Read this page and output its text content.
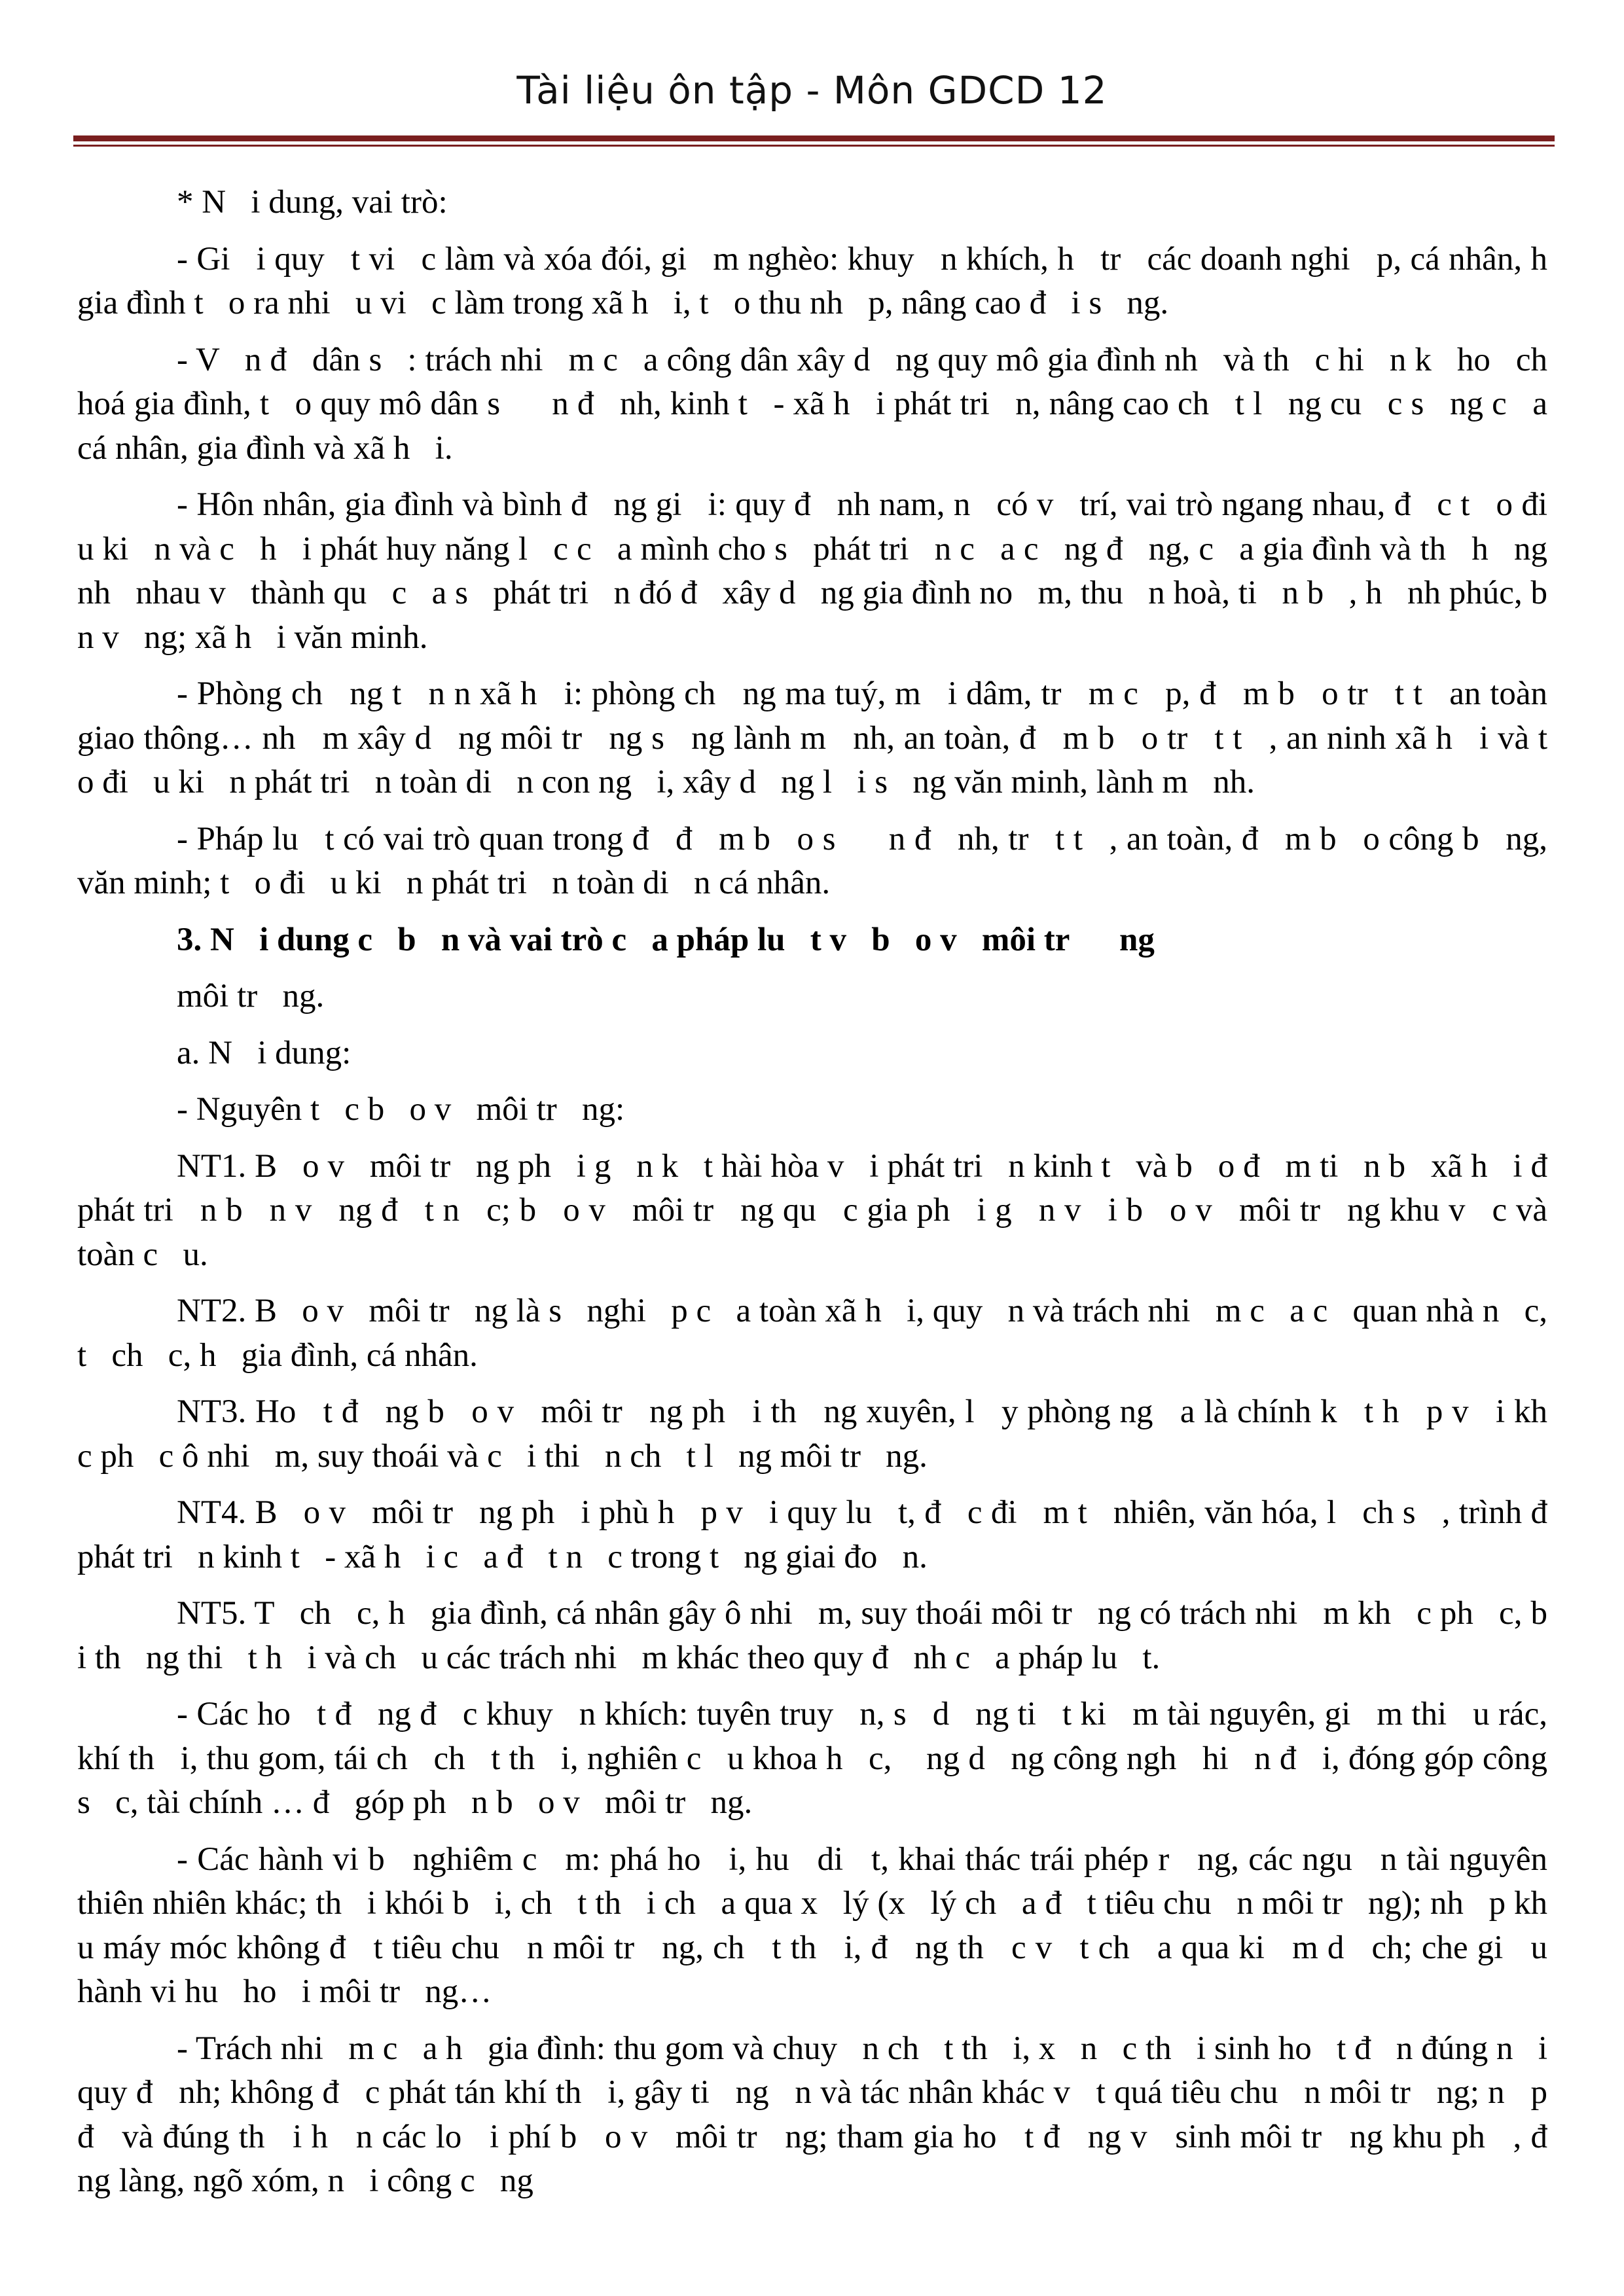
Tài liệu ôn tập - Môn GDCD 12

* N   i dung, vai trò:

- Gi   i quy   t vi   c làm và xóa đói, gi   m nghèo: khuy   n khích, h   tr   các doanh nghi   p, cá nhân, h   gia đình t   o ra nhi   u vi   c làm trong xã h   i, t   o thu nh   p, nâng cao đ   i s   ng.

- V   n đ   dân s   : trách nhi   m c   a công dân xây d   ng quy mô gia đình nh   và th   c hi   n k   ho   ch hoá gia đình, t   o quy mô dân s      n đ   nh, kinh t   - xã h   i phát tri   n, nâng cao ch   t l   ng cu   c s   ng c   a cá nhân, gia đình và xã h   i.

- Hôn nhân, gia đình và bình đ   ng gi   i: quy đ   nh nam, n   có v   trí, vai trò ngang nhau, đ   c t   o đi   u ki   n và c   h   i phát huy năng l   c c   a mình cho s   phát tri   n c   a c   ng đ   ng, c   a gia đình và th   h   ng nh   nhau v   thành qu   c   a s   phát tri   n đó đ   xây d   ng gia đình no   m, thu   n hoà, ti   n b   , h   nh phúc, b   n v   ng; xã h   i văn minh.

- Phòng ch   ng t   n n xã h   i: phòng ch   ng ma tuý, m   i dâm, tr   m c   p, đ   m b   o tr   t t   an toàn giao thông… nh   m xây d   ng môi tr   ng s   ng lành m   nh, an toàn, đ   m b   o tr   t t   , an ninh xã h   i và t   o đi   u ki   n phát tri   n toàn di   n con ng   i, xây d   ng l   i s   ng văn minh, lành m   nh.

- Pháp lu   t có vai trò quan trong đ   đ   m b   o s      n đ   nh, tr   t t   , an toàn, đ   m b   o công b   ng, văn minh; t   o đi   u ki   n phát tri   n toàn di   n cá nhân.

3. N   i dung c   b   n và vai trò c   a pháp lu   t v   b   o v   môi tr      ng

môi tr   ng.

a. N   i dung:

- Nguyên t   c b   o v   môi tr   ng:

NT1. B   o v   môi tr   ng ph   i g   n k   t hài hòa v   i phát tri   n kinh t   và b   o đ   m ti   n b   xã h   i đ   phát tri   n b   n v   ng đ   t n   c; b   o v   môi tr   ng qu   c gia ph   i g   n v   i b   o v   môi tr   ng khu v   c và toàn c   u.

NT2. B   o v   môi tr   ng là s   nghi   p c   a toàn xã h   i, quy   n và trách nhi   m c   a c   quan nhà n   c, t   ch   c, h   gia đình, cá nhân.

NT3. Ho   t đ   ng b   o v   môi tr   ng ph   i th   ng xuyên, l   y phòng ng   a là chính k   t h   p v   i kh   c ph   c ô nhi   m, suy thoái và c   i thi   n ch   t l   ng môi tr   ng.

NT4. B   o v   môi tr   ng ph   i phù h   p v   i quy lu   t, đ   c đi   m t   nhiên, văn hóa, l   ch s   , trình đ   phát tri   n kinh t   - xã h   i c   a đ   t n   c trong t   ng giai đo   n.

NT5. T   ch   c, h   gia đình, cá nhân gây ô nhi   m, suy thoái môi tr   ng có trách nhi   m kh   c ph   c, b   i th   ng thi   t h   i và ch   u các trách nhi   m khác theo quy đ   nh c   a pháp lu   t.

- Các ho   t đ   ng đ   c khuy   n khích: tuyên truy   n, s   d   ng ti   t ki   m tài nguyên, gi   m thi   u rác, khí th   i, thu gom, tái ch   ch   t th   i, nghiên c   u khoa h   c,    ng d   ng công ngh   hi   n đ   i, đóng góp công s   c, tài chính … đ   góp ph   n b   o v   môi tr   ng.

- Các hành vi b   nghiêm c   m: phá ho   i, hu   di   t, khai thác trái phép r   ng, các ngu   n tài nguyên thiên nhiên khác; th   i khói b   i, ch   t th   i ch   a qua x   lý (x   lý ch   a đ   t tiêu chu   n môi tr   ng); nh   p kh   u máy móc không đ   t tiêu chu   n môi tr   ng, ch   t th   i, đ   ng th   c v   t ch   a qua ki   m d   ch; che gi   u hành vi hu   ho   i môi tr   ng…

- Trách nhi   m c   a h   gia đình: thu gom và chuy   n ch   t th   i, x   n   c th   i sinh ho   t đ   n đúng n   i quy đ   nh; không đ   c phát tán khí th   i, gây ti   ng   n và tác nhân khác v   t quá tiêu chu   n môi tr   ng; n   p đ   và đúng th   i h   n các lo   i phí b   o v   môi tr   ng; tham gia ho   t đ   ng v   sinh môi tr   ng khu ph   , đ   ng làng, ngõ xóm, n   i công c   ng
